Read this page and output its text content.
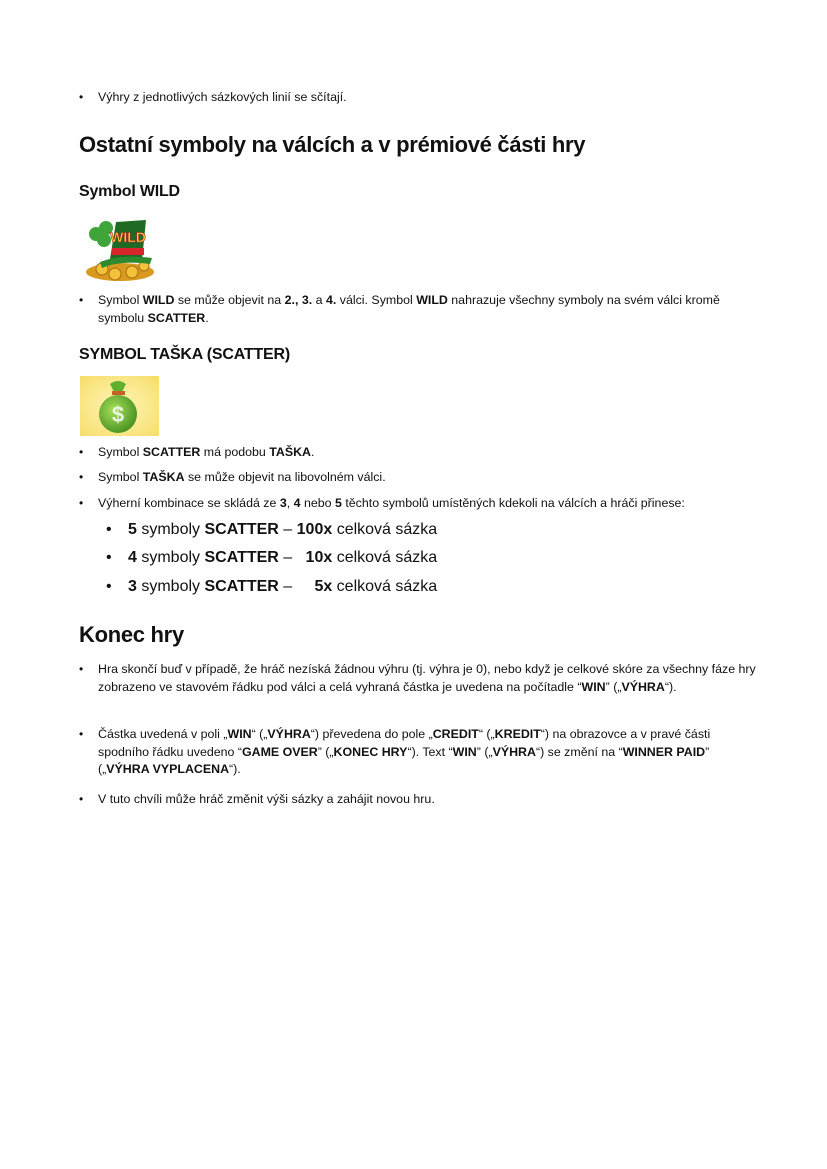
• Výhry z jednotlivých sázkových linií se sčítají.
Ostatní symboly na válcích a v prémiové části hry
Symbol WILD
WILD
• Symbol WILD se může objevit na 2., 3. a 4. válci. Symbol WILD nahrazuje všechny symboly na svém válci kromě symbolu SCATTER.
SYMBOL TAŠKA (SCATTER)
$
• Symbol SCATTER má podobu TAŠKA.
• Symbol TAŠKA se může objevit na libovolném válci.
• Výherní kombinace se skládá ze 3, 4 nebo 5 těchto symbolů umístěných kdekoli na válcích a hráči přinese:
• 5 symboly SCATTER – 100x celková sázka
• 4 symboly SCATTER –   10x celková sázka
• 3 symboly SCATTER –     5x celková sázka
Konec hry
• Hra skončí buď v případě, že hráč nezíská žádnou výhru (tj. výhra je 0), nebo když je celkové skóre za všechny fáze hry zobrazeno ve stavovém řádku pod válci a celá vyhraná částka je uvedena na počítadle “WIN” („VÝHRA“).
• Částka uvedená v poli „WIN“ („VÝHRA“) převedena do pole „CREDIT“ („KREDIT“) na obrazovce a v pravé části spodního řádku uvedeno “GAME OVER” („KONEC HRY“). Text “WIN” („VÝHRA“) se změní na “WINNER PAID” („VÝHRA VYPLACENA“).
• V tuto chvíli může hráč změnit výši sázky a zahájit novou hru.
